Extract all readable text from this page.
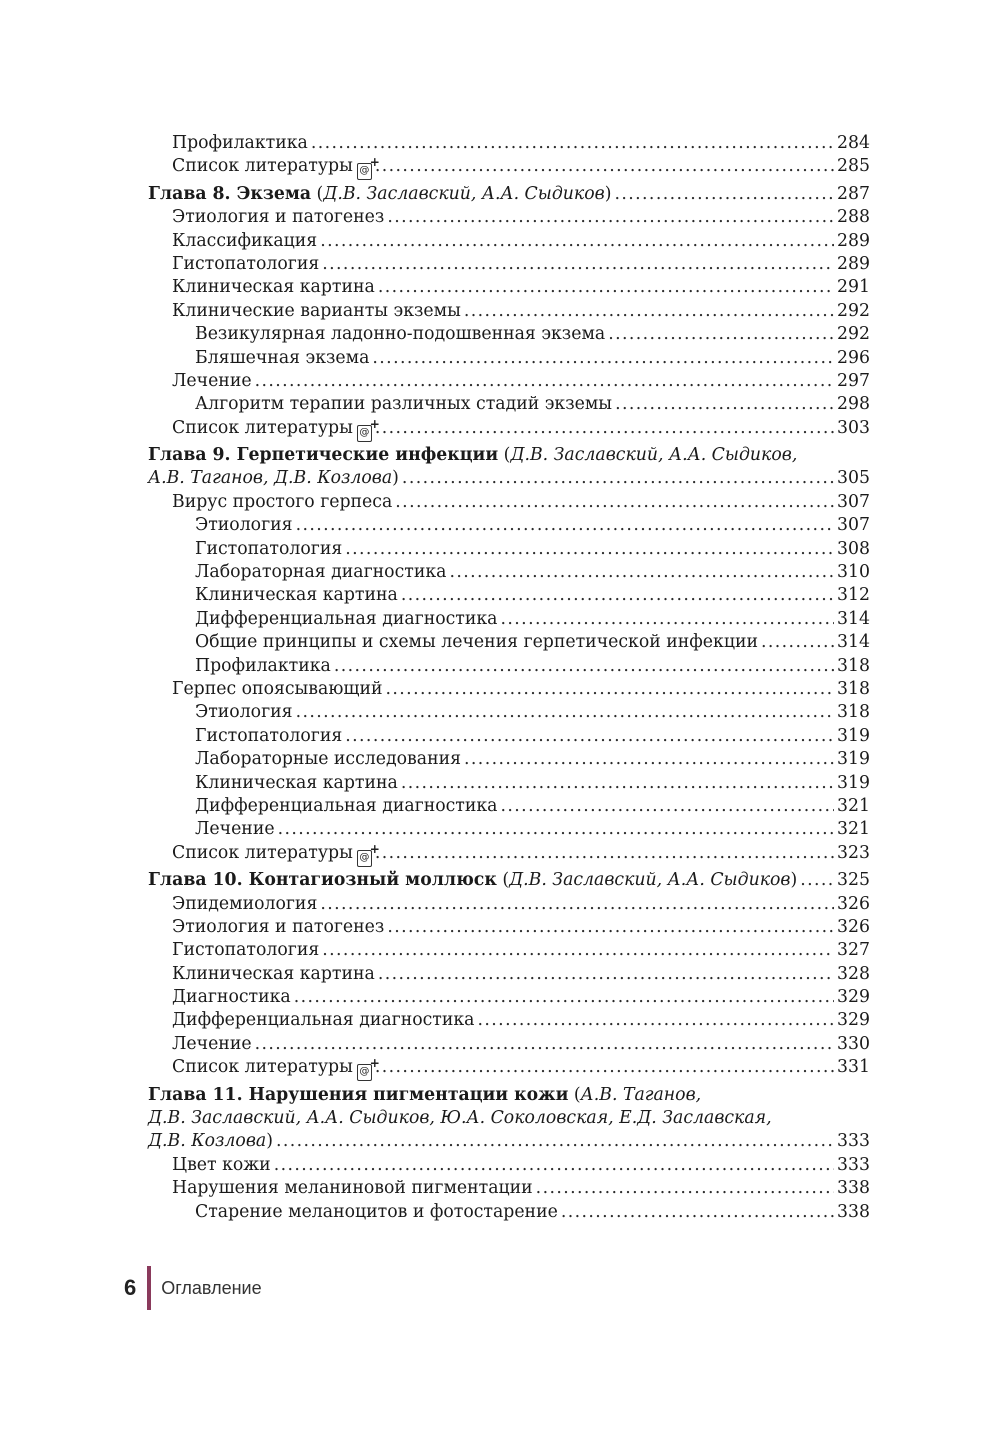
Профилактика .....	284
Список литературы @ + .....	285
Глава 8. Экзема (Д.В. Заславский, А.А. Сыдиков) .....	287
Этиология и патогенез .....	288
Классификация .....	289
Гистопатология .....	289
Клиническая картина .....	291
Клинические варианты экземы .....	292
Везикулярная ладонно-подошвенная экзема .....	292
Бляшечная экзема .....	296
Лечение .....	297
Алгоритм терапии различных стадий экземы .....	298
Список литературы @ + .....	303
Глава 9. Герпетические инфекции (Д.В. Заславский, А.А. Сыдиков,
А.В. Таганов, Д.В. Козлова) .....	305
Вирус простого герпеса .....	307
Этиология .....	307
Гистопатология .....	308
Лабораторная диагностика .....	310
Клиническая картина .....	312
Дифференциальная диагностика .....	314
Общие принципы и схемы лечения герпетической инфекции .....	314
Профилактика .....	318
Герпес опоясывающий .....	318
Этиология .....	318
Гистопатология .....	319
Лабораторные исследования .....	319
Клиническая картина .....	319
Дифференциальная диагностика .....	321
Лечение .....	321
Список литературы @ + .....	323
Глава 10. Контагиозный моллюск (Д.В. Заславский, А.А. Сыдиков) ..... 325
Эпидемиология .....	326
Этиология и патогенез .....	326
Гистопатология .....	327
Клиническая картина .....	328
Диагностика .....	329
Дифференциальная диагностика .....	329
Лечение .....	330
Список литературы @ + .....	331
Глава 11. Нарушения пигментации кожи (А.В. Таганов,
Д.В. Заславский, А.А. Сыдиков, Ю.А. Соколовская, Е.Д. Заславская,
Д.В. Козлова) .....	333
Цвет кожи .....	333
Нарушения меланиновой пигментации .....	338
Старение меланоцитов и фотостарение .....	338
6 Оглавление
